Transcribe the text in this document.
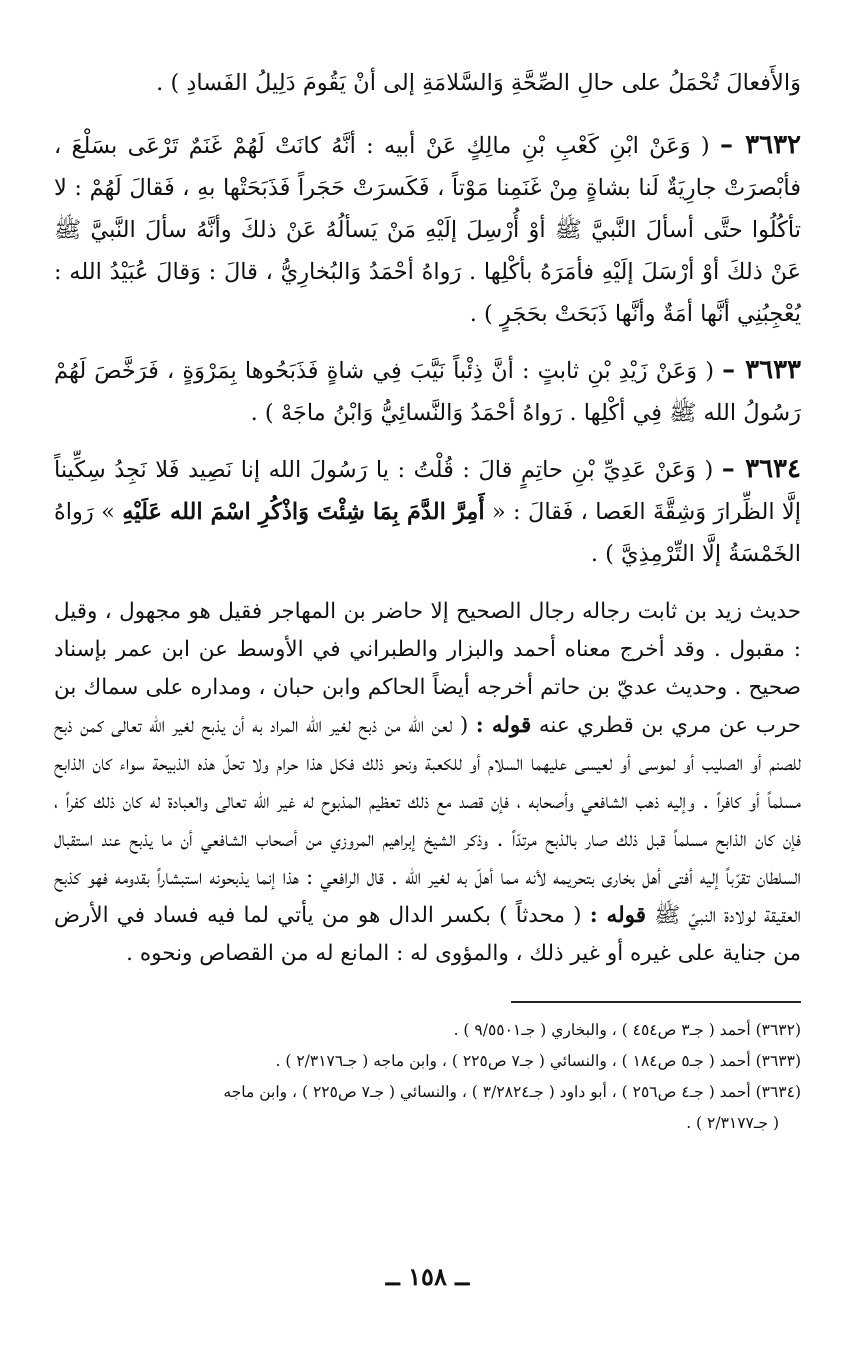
وَالأَفعالَ تُحْمَلُ على حالِ الصِّحَّةِ وَالسَّلامَةِ إلى أنْ يَقُومَ دَلِيلُ الفَسادِ ) .

٣٦٣٢ – ( وَعَنْ ابْنِ كَعْبِ بْنِ مالِكٍ عَنْ أبيه : أنَّهُ كانَتْ لَهُمْ غَنَمٌ تَرْعَى بسَلْعَ ، فأبْصرَتْ جارِيَةٌ لَنا بشاةٍ مِنْ غَنَمِنا مَوْتاً ، فَكَسرَتْ حَجَراً فَذَبَحَتْها بهِ ، فَقالَ لَهُمْ : لا تأكُلُوا حتَّى أسألَ النَّبيَّ ﷺ أوْ أُرْسِلَ إلَيْهِ مَنْ يَسألُهُ عَنْ ذلكَ وأنَّهُ سألَ النَّبيَّ ﷺ عَنْ ذلكَ أوْ أرْسَلَ إلَيْهِ فأمَرَهُ بأكْلِها . رَواهُ أحْمَدُ وَالبُخارِيُّ ، قالَ : وَقالَ عُبَيْدُ الله : يُعْجِبُنِي أنَّها أمَةٌ وأنَّها ذَبَحَتْ بحَجَرٍ ) .

٣٦٣٣ – ( وَعَنْ زَيْدِ بْنِ ثابتٍ : أنَّ ذِئْباً نَيَّبَ فِي شاةٍ فَذَبَحُوها بِمَرْوَةٍ ، فَرَخَّصَ لَهُمْ رَسُولُ الله ﷺ فِي أكْلِها . رَواهُ أحْمَدُ وَالنَّسائِيُّ وَابْنُ ماجَهْ ) .

٣٦٣٤ – ( وَعَنْ عَدِيِّ بْنِ حاتِمٍ قالَ : قُلْتُ : يا رَسُولَ الله إنا نَصِيد فَلا نَجِدُ سِكِّيناً إلَّا الظِّرارَ وَشِقَّةَ العَصا ، فَقالَ : « أَمِرَّ الدَّمَ بِمَا شِئْتَ وَاذْكُرِ اسْمَ الله عَلَيْهِ » رَواهُ الخَمْسَةُ إلَّا التِّرْمِذِيَّ ) .

حديث زيد بن ثابت رجاله رجال الصحيح إلا حاضر بن المهاجر فقيل هو مجهول ، وقيل : مقبول . وقد أخرج معناه أحمد والبزار والطبراني في الأوسط عن ابن عمر بإسناد صحيح . وحديث عديّ بن حاتم أخرجه أيضاً الحاكم وابن حبان ، ومداره على سماك بن حرب عن مري بن قطري عنه قوله : ( لعن الله من ذبح لغير الله المراد به أن يذبح لغير الله تعالى كمن ذبح للصنم أو الصليب أو لموسى أو لعيسى عليهما السلام أو للكعبة ونحو ذلك فكل هذا حرام ولا تحلّ هذه الذبيحة سواء كان الذابح مسلماً أو كافراً . وإليه ذهب الشافعي وأصحابه ، فإن قصد مع ذلك تعظيم المذبوح له غير الله تعالى والعبادة له كان ذلك كفراً ، فإن كان الذابح مسلماً قبل ذلك صار بالذبح مرتدّاً . وذكر الشيخ إبراهيم المروزي من أصحاب الشافعي أن ما يذبح عند استقبال السلطان تقرّباً إليه أفتى أهل بخارى بتحريمه لأنه مما أهلّ به لغير الله . قال الرافعي : هذا إنما يذبحونه استبشاراً بقدومه فهو كذبح العقيقة لولادة النبيّ ﷺ قوله : ( محدثاً ) بكسر الدال هو من يأتي لما فيه فساد في الأرض من جناية على غيره أو غير ذلك ، والمؤوى له : المانع له من القصاص ونحوه .

(٣٦٣٢) أحمد ( جـ٣ ص٤٥٤ ) ، والبخاري ( جـ٩/٥٥٠١ ) .
(٣٦٣٣) أحمد ( جـ٥ ص١٨٤ ) ، والنسائي ( جـ٧ ص٢٢٥ ) ، وابن ماجه ( جـ٢/٣١٧٦ ) .
(٣٦٣٤) أحمد ( جـ٤ ص٢٥٦ ) ، أبو داود ( جـ٣/٢٨٢٤ ) ، والنسائي ( جـ٧ ص٢٢٥ ) ، وابن ماجه
( جـ٢/٣١٧٧ ) .
ــ ١٥٨ ــ
